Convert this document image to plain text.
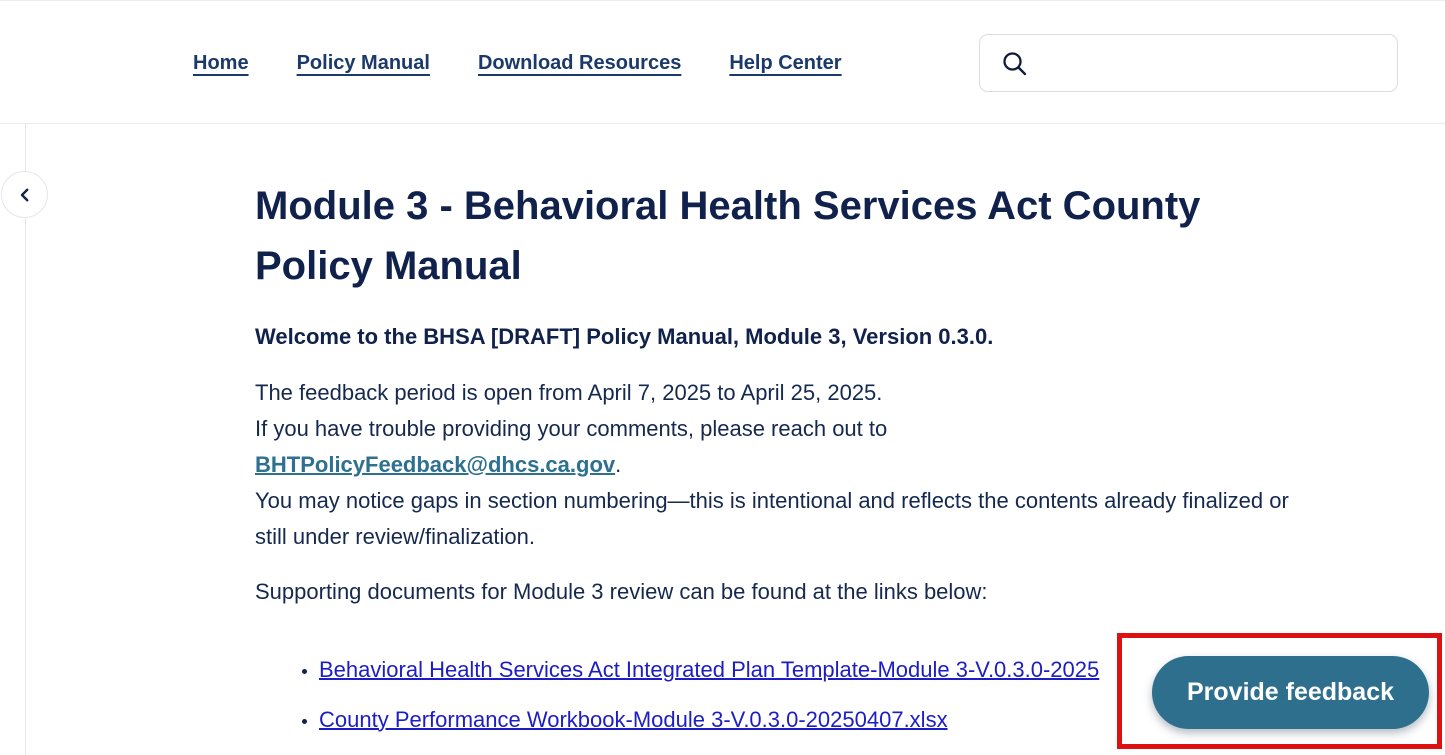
Home Policy Manual Download Resources Help Center
Module 3 - Behavioral Health Services Act County Policy Manual

Welcome to the BHSA [DRAFT] Policy Manual, Module 3, Version 0.3.0.

The feedback period is open from April 7, 2025 to April 25, 2025.
If you have trouble providing your comments, please reach out to
BHTPolicyFeedback@dhcs.ca.gov.
You may notice gaps in section numbering—this is intentional and reflects the contents already finalized or still under review/finalization.

Supporting documents for Module 3 review can be found at the links below:

• Behavioral Health Services Act Integrated Plan Template-Module 3-V.0.3.0-2025
• County Performance Workbook-Module 3-V.0.3.0-20250407.xlsx
Provide feedback
